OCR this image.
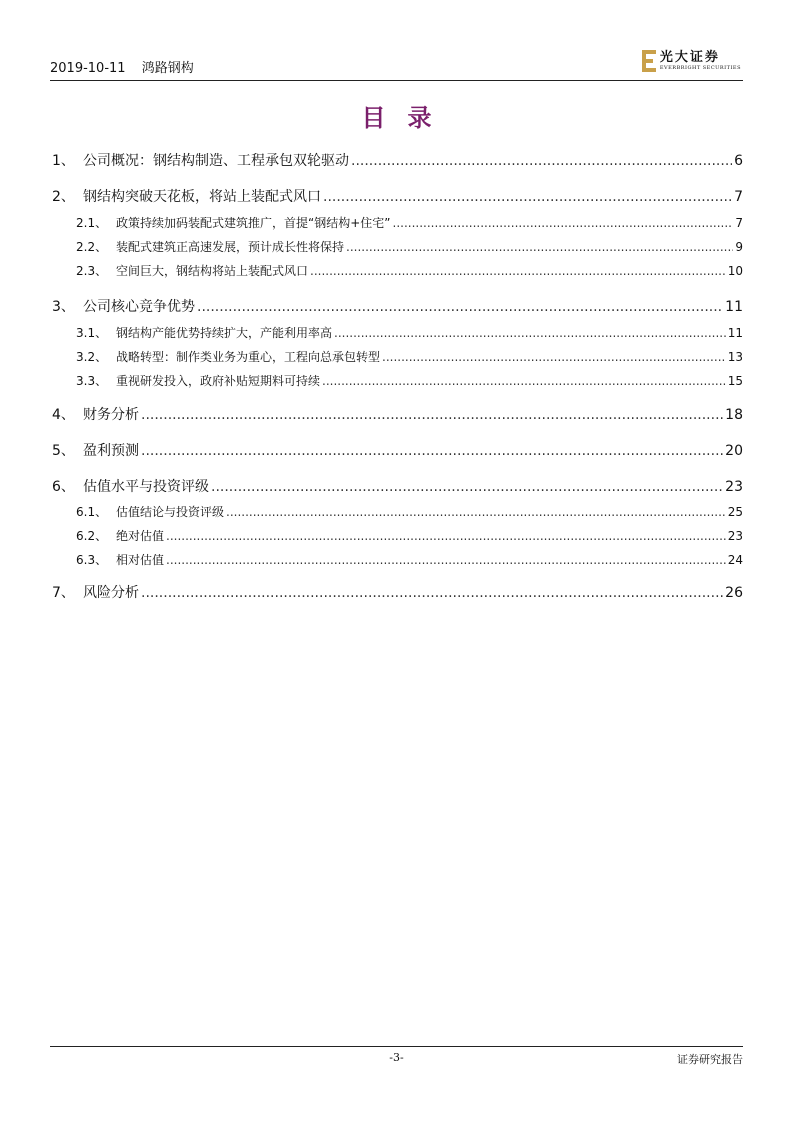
2019-10-11 鸿路钢构
光大证券
EVERBRIGHT SECURITIES
目录
1、 公司概况：钢结构制造、工程承包双轮驱动 .....	6
2、 钢结构突破天花板，将站上装配式风口 .....	7
2.1、 政策持续加码装配式建筑推广，首提“钢结构+住宅” .....	7
2.2、 装配式建筑正高速发展，预计成长性将保持 .....	9
2.3、 空间巨大，钢结构将站上装配式风口 .....	10
3、 公司核心竞争优势 .....	11
3.1、 钢结构产能优势持续扩大，产能利用率高 .....	11
3.2、 战略转型：制作类业务为重心，工程向总承包转型 .....	13
3.3、 重视研发投入，政府补贴短期料可持续 .....	15
4、 财务分析 .....	18
5、 盈利预测 .....	20
6、 估值水平与投资评级 .....	23
6.1、 估值结论与投资评级 .....	25
6.2、 绝对估值 .....	23
6.3、 相对估值 .....	24
7、 风险分析 .....	26
-3-	证券研究报告
